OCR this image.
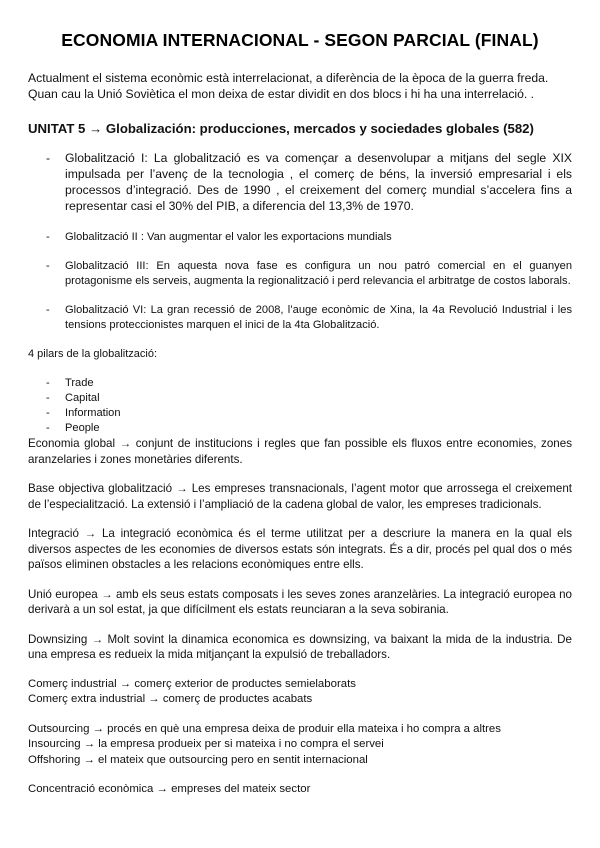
ECONOMIA INTERNACIONAL - SEGON PARCIAL (FINAL)
Actualment el sistema econòmic està interrelacionat, a diferència de la època de la guerra freda.
Quan cau la Unió Soviètica el mon deixa de estar dividit en dos blocs i hi ha una interrelació. .
UNITAT 5 → Globalización: producciones, mercados y sociedades globales (582)
- Globalització I: La globalització es va començar a desenvolupar a mitjans del segle XIX impulsada per l’avenç de la tecnologia , el comerç de béns, la inversió empresarial i els processos d’integració. Des de 1990 , el creixement del comerç mundial s’accelera fins a representar casi el 30% del PIB, a diferencia del 13,3% de 1970.
- Globalització II : Van augmentar el valor les exportacions mundials
- Globalització III: En aquesta nova fase es configura un nou patró comercial en el guanyen protagonisme els serveis, augmenta la regionalització i perd relevancia el arbitratge de costos laborals.
- Globalització VI: La gran recessió de 2008, l’auge econòmic de Xina, la 4a Revolució Industrial i les tensions proteccionistes marquen el inici de la 4ta Globalització.
4 pilars de la globalització:
- Trade
- Capital
- Information
- People

Economia global → conjunt de institucions i regles que fan possible els fluxos entre economies, zones aranzelaries i zones monetàries diferents.

Base objectiva globalització → Les empreses transnacionals, l’agent motor que arrossega el creixement de l’especialització. La extensió i l’ampliació de la cadena global de valor, les empreses tradicionals.

Integració → La integració econòmica és el terme utilitzat per a descriure la manera en la qual els diversos aspectes de les economies de diversos estats són integrats. És a dir, procés pel qual dos o més països eliminen obstacles a les relacions econòmiques entre ells.

Unió europea → amb els seus estats composats i les seves zones aranzelàries. La integració europea no derivarà a un sol estat, ja que difícilment els estats reunciaran a la seva sobirania.

Downsizing → Molt sovint la dinamica economica es downsizing, va baixant la mida de la industria. De una empresa es redueix la mida mitjançant la expulsió de treballadors.

Comerç industrial → comerç exterior de productes semielaborats
Comerç extra industrial → comerç de productes acabats
Outsourcing → procés en què una empresa deixa de produir ella mateixa i ho compra a altres
Insourcing → la empresa produeix per si mateixa i no compra el servei
Offshoring → el mateix que outsourcing pero en sentit internacional
Concentració econòmica → empreses del mateix sector
